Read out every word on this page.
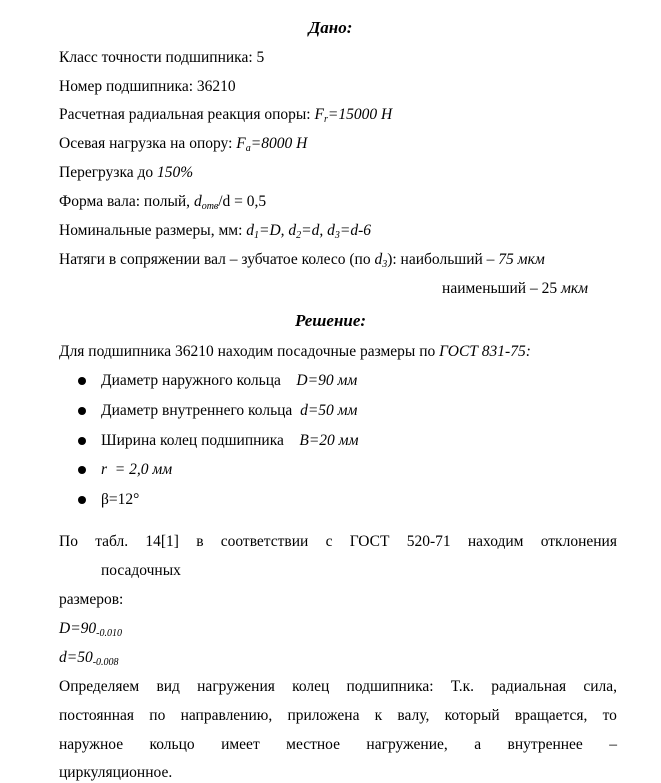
Дано:
Класс точности подшипника: 5
Номер подшипника: 36210
Расчетная радиальная реакция опоры: Fr=15000 Н
Осевая нагрузка на опору: Fa=8000 Н
Перегрузка до 150%
Форма вала: полый, dотв/d = 0,5
Номинальные размеры, мм: d1=D, d2=d, d3=d-6
Натяги в сопряжении вал – зубчатое колесо (по d3): наибольший – 75 мкм
наименьший – 25 мкм
Решение:
Для подшипника 36210 находим посадочные размеры по ГОСТ 831-75:
Диаметр наружного кольца    D=90 мм
Диаметр внутреннего кольца  d=50 мм
Ширина колец подшипника    B=20 мм
r  = 2,0 мм
β=12°
По табл. 14[1] в соответствии с ГОСТ 520-71 находим отклонения
посадочных
размеров:
D=90-0.010
d=50-0.008
Определяем вид нагружения колец подшипника: Т.к. радиальная сила,
постоянная по направлению, приложена к валу, который вращается, то
наружное кольцо имеет местное нагружение, а внутреннее –
циркуляционное.
